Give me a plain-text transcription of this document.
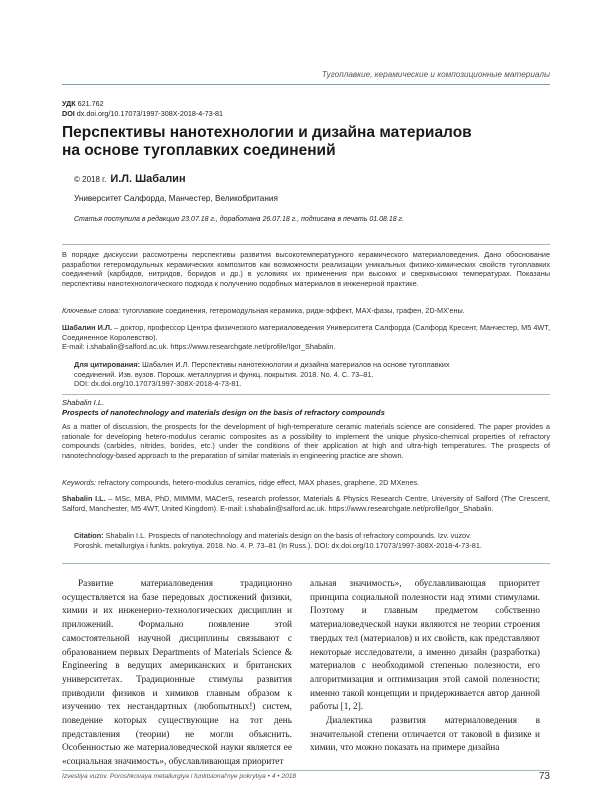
Тугоплавкие, керамические и композиционные материалы
УДК 621.762
DOI dx.doi.org/10.17073/1997-308X-2018-4-73-81
Перспективы нанотехнологии и дизайна материалов
на основе тугоплавких соединений
© 2018 г. И.Л. Шабалин
Университет Салфорда, Манчестер, Великобритания
Статья поступила в редакцию 23.07.18 г., доработана 26.07.18 г., подписана в печать 01.08.18 г.
В порядке дискуссии рассмотрены перспективы развития высокотемпературного керамического материаловедения. Дано обоснование разработки гетеромодульных керамических композитов как возможности реализации уникальных физико-химических свойств тугоплавких соединений (карбидов, нитридов, боридов и др.) в условиях их применения при высоких и сверхвысоких температурах. Показаны перспективы нанотехнологического подхода к получению подобных материалов в инженерной практике.
Ключевые слова: тугоплавкие соединения, гетеромодульная керамика, ридж-эффект, MAX-фазы, графен, 2D-MX'ены.
Шабалин И.Л. – доктор, профессор Центра физического материаловедения Университета Салфорда (Салфорд Кресент, Манчестер, M5 4WT, Соединенное Королевство).
E-mail: i.shabalin@salford.ac.uk. https://www.researchgate.net/profile/Igor_Shabalin.
Для цитирования: Шабалин И.Л. Перспективы нанотехнологии и дизайна материалов на основе тугоплавких
соединений. Изв. вузов. Порошк. металлургия и функц. покрытия. 2018. No. 4. C. 73–81.
DOI: dx.doi.org/10.17073/1997-308X-2018-4-73-81.
Shabalin I.L.
Prospects of nanotechnology and materials design on the basis of refractory compounds
As a matter of discussion, the prospects for the development of high-temperature ceramic materials science are considered. The paper provides a rationale for developing hetero-modulus ceramic composites as a possibility to implement the unique physico-chemical properties of refractory compounds (carbides, nitrides, borides, etc.) under the conditions of their application at high and ultra-high temperatures. The prospects of nanotechnology-based approach to the preparation of similar materials in engineering practice are shown.
Keywords: refractory compounds, hetero-modulus ceramics, ridge effect, MAX phases, graphene, 2D MXenes.
Shabalin I.L. – MSc, MBA, PhD, MIMMM, MACerS, research professor, Materials & Physics Research Centre, University of Salford (The Crescent, Salford, Manchester, M5 4WT, United Kingdom). E-mail: i.shabalin@salford.ac.uk. https://www.researchgate.net/profile/Igor_Shabalin.
Citation: Shabalin I.L. Prospects of nanotechnology and materials design on the basis of refractory compounds. Izv. vuzov.
Poroshk. metallurgiya i funkts. pokrytiya. 2018. No. 4. P. 73–81 (In Russ.). DOI: dx.doi.org/10.17073/1997-308X-2018-4-73-81.

Развитие материаловедения традиционно осуществляется на базе передовых достижений физики, химии и их инженерно-технологических дисциплин и приложений. Формально появление этой самостоятельной научной дисциплины связывают с образованием первых Departments of Materials Science & Engineering в ведущих американских и британских университетах. Традиционные стимулы развития приводили физиков и химиков главным образом к изучению тех нестандартных (любопытных!) систем, поведение которых существующие на тот день представления (теории) не могли объяснить. Особенностью же материаловедческой науки является ее «социальная значимость», обуславливающая приоритет

альная значимость», обуславливающая приоритет принципа социальной полезности над этими стимулами. Поэтому и главным предметом собственно материаловедческой науки являются не теории строения твердых тел (материалов) и их свойств, как представляют некоторые исследователи, а именно дизайн (разработка) материалов с необходимой степенью полезности, его алгоритмизация и оптимизация этой самой полезности; именно такой концепции и придерживается автор данной работы [1, 2].

Диалектика развития материаловедения в значительной степени отличается от таковой в физике и химии, что можно показать на примере дизайна

Izvestiya vuzov. Poroshkovaya metallurgiya i funktsional'nye pokrytiya • 4 • 2018	73
